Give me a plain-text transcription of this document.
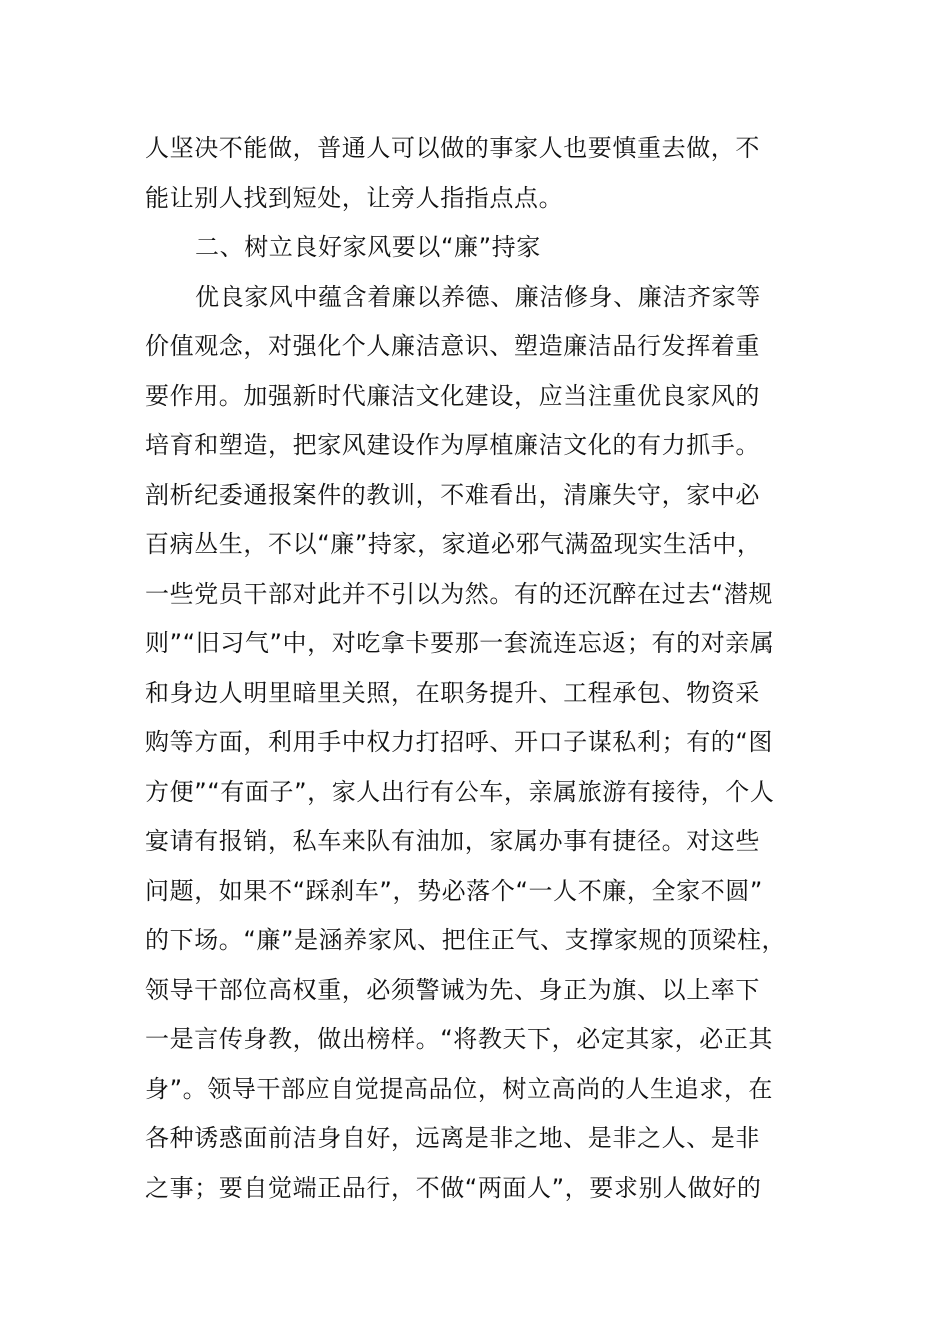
人坚决不能做，普通人可以做的事家人也要慎重去做，不
能让别人找到短处，让旁人指指点点。
二、树立良好家风要以“廉”持家
优良家风中蕴含着廉以养德、廉洁修身、廉洁齐家等
价值观念，对强化个人廉洁意识、塑造廉洁品行发挥着重
要作用。加强新时代廉洁文化建设，应当注重优良家风的
培育和塑造，把家风建设作为厚植廉洁文化的有力抓手。
剖析纪委通报案件的教训，不难看出，清廉失守，家中必
百病丛生，不以“廉”持家，家道必邪气满盈现实生活中，
一些党员干部对此并不引以为然。有的还沉醉在过去“潜规
则”“旧习气”中，对吃拿卡要那一套流连忘返；有的对亲属
和身边人明里暗里关照，在职务提升、工程承包、物资采
购等方面，利用手中权力打招呼、开口子谋私利；有的“图
方便”“有面子”，家人出行有公车，亲属旅游有接待，个人
宴请有报销，私车来队有油加，家属办事有捷径。对这些
问题，如果不“踩刹车”，势必落个“一人不廉，全家不圆”
的下场。“廉”是涵养家风、把住正气、支撑家规的顶梁柱，
领导干部位高权重，必须警诫为先、身正为旗、以上率下
一是言传身教，做出榜样。“将教天下，必定其家，必正其
身”。领导干部应自觉提高品位，树立高尚的人生追求，在
各种诱惑面前洁身自好，远离是非之地、是非之人、是非
之事；要自觉端正品行，不做“两面人”，要求别人做好的
